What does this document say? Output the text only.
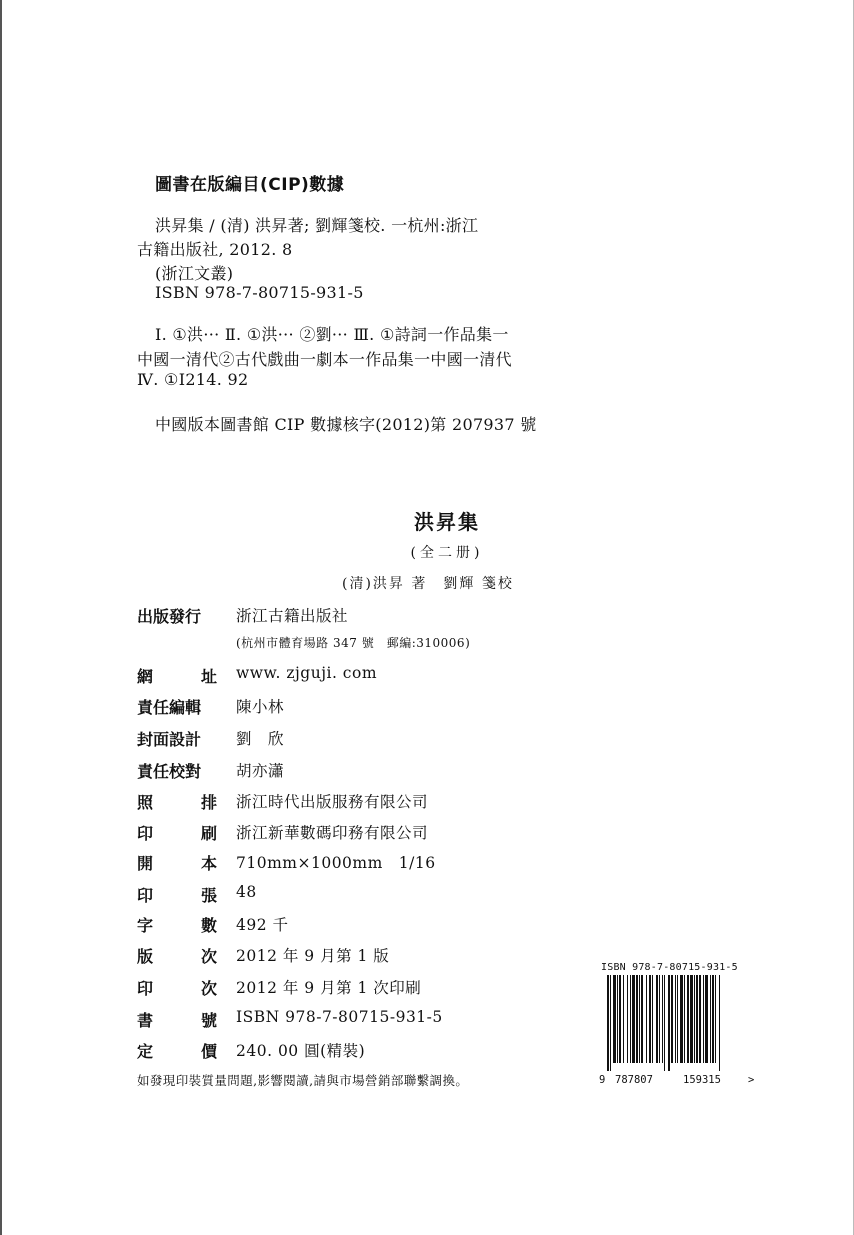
圖書在版編目(CIP)數據
洪昇集 / (清) 洪昇著; 劉輝箋校. 一杭州:浙江
古籍出版社, 2012. 8
(浙江文叢)
ISBN 978-7-80715-931-5
Ⅰ. ①洪··· Ⅱ. ①洪··· ②劉··· Ⅲ. ①詩詞一作品集一
中國一清代②古代戲曲一劇本一作品集一中國一清代
Ⅳ. ①I214. 92
中國版本圖書館 CIP 數據核字(2012)第 207937 號
洪昇集
(全二册)
(清)洪昇 著　劉輝 箋校
出版發行	浙江古籍出版社
(杭州市體育場路 347 號　郵編:310006)
網	址 www. zjguji. com
責任編輯	陳小林
封面設計	劉　欣
責任校對	胡亦瀟
照	排 浙江時代出版服務有限公司
印	刷 浙江新華數碼印務有限公司
開	本 710mm×1000mm　1/16
印	張 48
字	數 492 千
版	次 2012 年 9 月第 1 版
印	次 2012 年 9 月第 1 次印刷
書	號 ISBN 978-7-80715-931-5
定	價 240. 00 圓(精裝)
如發現印裝質量問題,影響閱讀,請與市場營銷部聯繫調換。
ISBN 978-7-80715-931-5
9 787807	159315	>
